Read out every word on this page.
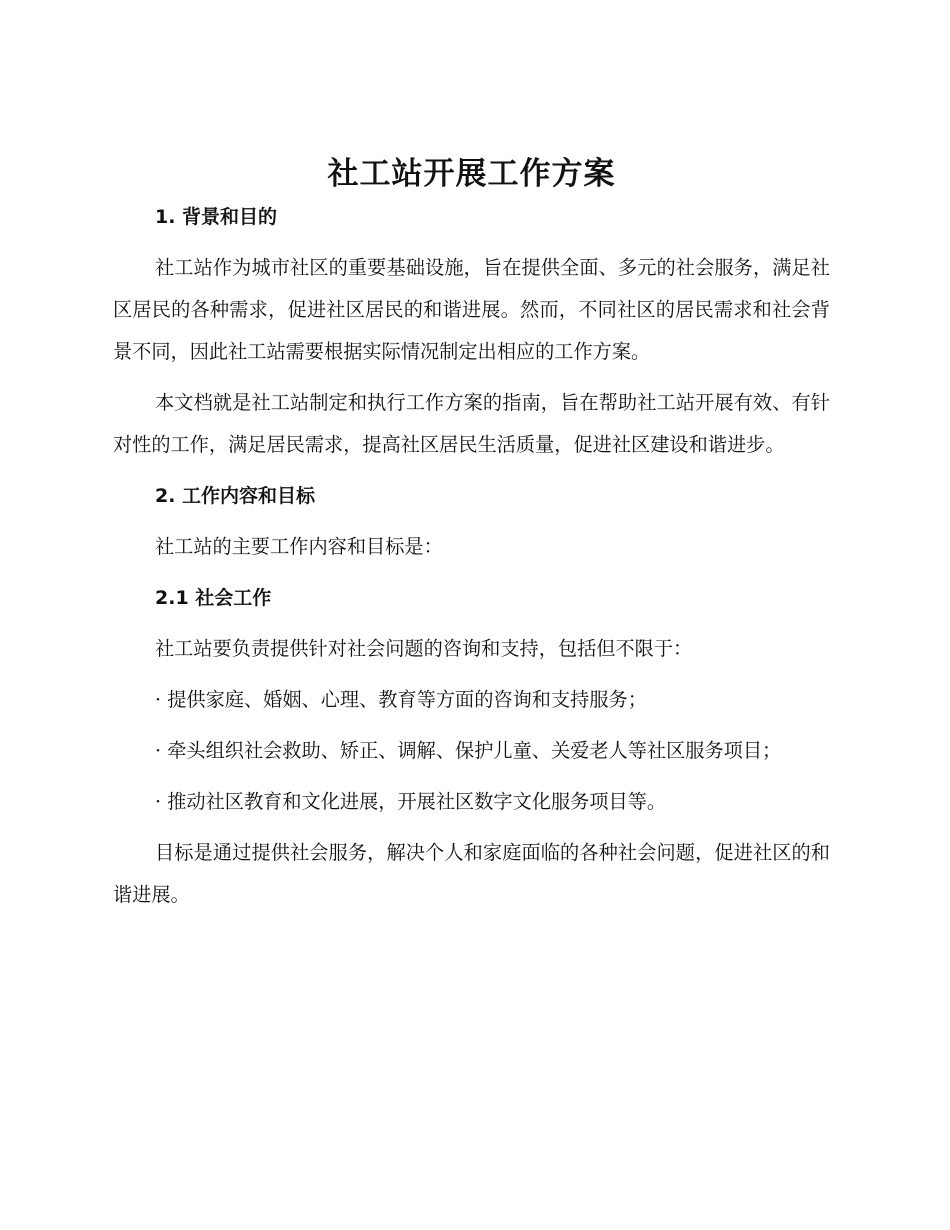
社工站开展工作方案
1. 背景和目的

社工站作为城市社区的重要基础设施，旨在提供全面、多元的社会服务，满足社区居民的各种需求，促进社区居民的和谐进展。然而，不同社区的居民需求和社会背景不同，因此社工站需要根据实际情况制定出相应的工作方案。

本文档就是社工站制定和执行工作方案的指南，旨在帮助社工站开展有效、有针对性的工作，满足居民需求，提高社区居民生活质量，促进社区建设和谐进步。

2. 工作内容和目标

社工站的主要工作内容和目标是：

2.1 社会工作

社工站要负责提供针对社会问题的咨询和支持，包括但不限于：

· 提供家庭、婚姻、心理、教育等方面的咨询和支持服务；

· 牵头组织社会救助、矫正、调解、保护儿童、关爱老人等社区服务项目；

· 推动社区教育和文化进展，开展社区数字文化服务项目等。

目标是通过提供社会服务，解决个人和家庭面临的各种社会问题，促进社区的和谐进展。
